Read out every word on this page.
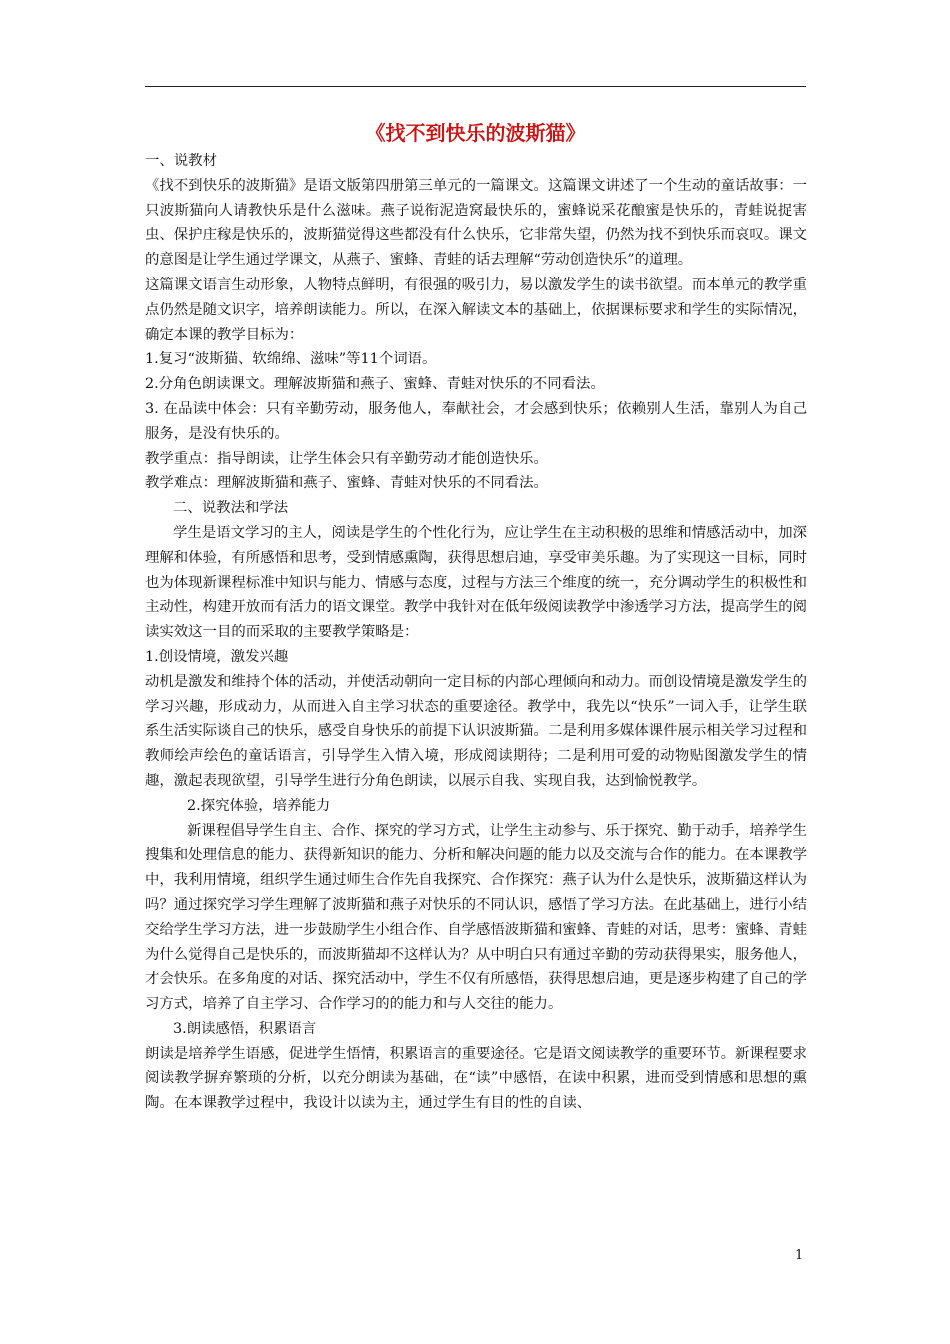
《找不到快乐的波斯猫》

一、说教材

《找不到快乐的波斯猫》是语文版第四册第三单元的一篇课文。这篇课文讲述了一个生动的童话故事：一只波斯猫向人请教快乐是什么滋味。燕子说衔泥造窝最快乐的，蜜蜂说采花酿蜜是快乐的，青蛙说捉害虫、保护庄稼是快乐的，波斯猫觉得这些都没有什么快乐，它非常失望，仍然为找不到快乐而哀叹。课文的意图是让学生通过学课文，从燕子、蜜蜂、青蛙的话去理解“劳动创造快乐”的道理。

这篇课文语言生动形象，人物特点鲜明，有很强的吸引力，易以激发学生的读书欲望。而本单元的教学重点仍然是随文识字，培养朗读能力。所以，在深入解读文本的基础上，依据课标要求和学生的实际情况，确定本课的教学目标为：

1.复习“波斯猫、软绵绵、滋味”等11个词语。

2.分角色朗读课文。理解波斯猫和燕子、蜜蜂、青蛙对快乐的不同看法。

3. 在品读中体会：只有辛勤劳动，服务他人，奉献社会，才会感到快乐；依赖别人生活，靠别人为自己服务，是没有快乐的。

教学重点：指导朗读，让学生体会只有辛勤劳动才能创造快乐。

教学难点：理解波斯猫和燕子、蜜蜂、青蛙对快乐的不同看法。

二、说教法和学法

学生是语文学习的主人，阅读是学生的个性化行为，应让学生在主动积极的思维和情感活动中，加深理解和体验，有所感悟和思考，受到情感熏陶，获得思想启迪，享受审美乐趣。为了实现这一目标，同时也为体现新课程标准中知识与能力、情感与态度，过程与方法三个维度的统一，充分调动学生的积极性和主动性，构建开放而有活力的语文课堂。教学中我针对在低年级阅读教学中渗透学习方法，提高学生的阅读实效这一目的而采取的主要教学策略是：

1.创设情境，激发兴趣

动机是激发和维持个体的活动，并使活动朝向一定目标的内部心理倾向和动力。而创设情境是激发学生的学习兴趣，形成动力，从而进入自主学习状态的重要途径。教学中，我先以“快乐”一词入手，让学生联系生活实际谈自己的快乐，感受自身快乐的前提下认识波斯猫。二是利用多媒体课件展示相关学习过程和教师绘声绘色的童话语言，引导学生入情入境，形成阅读期待；二是利用可爱的动物贴图激发学生的情趣，激起表现欲望，引导学生进行分角色朗读，以展示自我、实现自我，达到愉悦教学。

2.探究体验，培养能力

新课程倡导学生自主、合作、探究的学习方式，让学生主动参与、乐于探究、勤于动手，培养学生搜集和处理信息的能力、获得新知识的能力、分析和解决问题的能力以及交流与合作的能力。在本课教学中，我利用情境，组织学生通过师生合作先自我探究、合作探究：燕子认为什么是快乐，波斯猫这样认为吗？通过探究学习学生理解了波斯猫和燕子对快乐的不同认识，感悟了学习方法。在此基础上，进行小结交给学生学习方法，进一步鼓励学生小组合作、自学感悟波斯猫和蜜蜂、青蛙的对话，思考：蜜蜂、青蛙为什么觉得自己是快乐的，而波斯猫却不这样认为？从中明白只有通过辛勤的劳动获得果实，服务他人，才会快乐。在多角度的对话、探究活动中，学生不仅有所感悟，获得思想启迪，更是逐步构建了自己的学习方式，培养了自主学习、合作学习的的能力和与人交往的能力。

3.朗读感悟，积累语言

朗读是培养学生语感，促进学生悟情，积累语言的重要途径。它是语文阅读教学的重要环节。新课程要求阅读教学摒弃繁琐的分析，以充分朗读为基础，在“读”中感悟，在读中积累，进而受到情感和思想的熏陶。在本课教学过程中，我设计以读为主，通过学生有目的性的自读、

1
